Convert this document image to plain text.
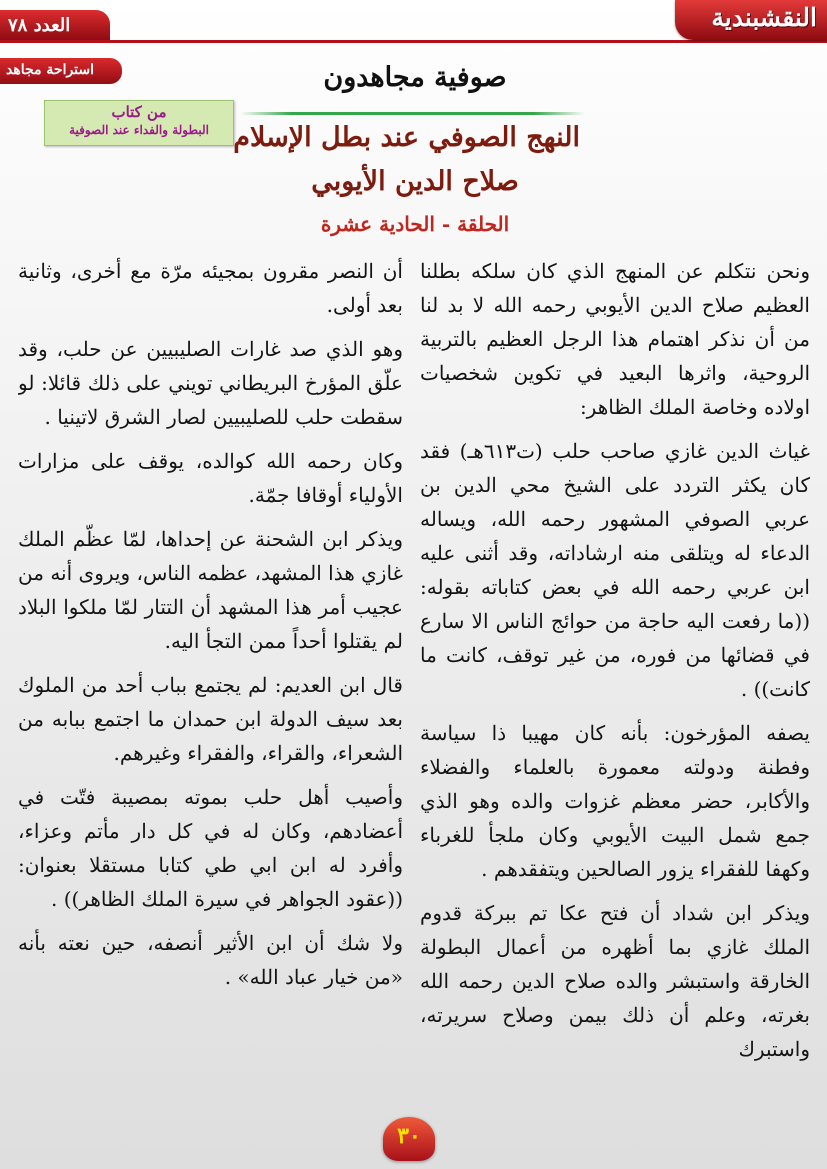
النقشبندية
العدد ٧٨
استراحة مجاهد	صوفية مجاهدون
من كتاب
البطولة والفداء عند الصوفية النهج الصوفي عند بطل الإسلام
صلاح الدين الأيوبي
الحلقة - الحادية عشرة

ونحن نتكلم عن المنهج الذي كان سلكه بطلنا العظيم صلاح الدين الأيوبي رحمه الله لا بد لنا من أن نذكر اهتمام هذا الرجل العظيم بالتربية الروحية، واثرها البعيد في تكوين شخصيات اولاده وخاصة الملك الظاهر:

غياث الدين غازي صاحب حلب (ت٦١٣هـ) فقد كان يكثر التردد على الشيخ محي الدين بن عربي الصوفي المشهور رحمه الله، ويساله الدعاء له ويتلقى منه ارشاداته، وقد أثنى عليه ابن عربي رحمه الله في بعض كتاباته بقوله: ((ما رفعت اليه حاجة من حوائج الناس الا سارع في قضائها من فوره، من غير توقف، كانت ما كانت)) .

يصفه المؤرخون: بأنه كان مهيبا ذا سياسة وفطنة ودولته معمورة بالعلماء والفضلاء والأكابر، حضر معظم غزوات والده وهو الذي جمع شمل البيت الأيوبي وكان ملجأ للغرباء وكهفا للفقراء يزور الصالحين ويتفقدهم .

ويذكر ابن شداد أن فتح عكا تم ببركة قدوم الملك غازي بما أظهره من أعمال البطولة الخارقة واستبشر والده صلاح الدين رحمه الله بغرته، وعلم أن ذلك بيمن وصلاح سريرته، واستبرك

أن النصر مقرون بمجيئه مرّة مع أخرى، وثانية بعد أولى.

وهو الذي صد غارات الصليبيين عن حلب، وقد علّق المؤرخ البريطاني تويني على ذلك قائلا: لو سقطت حلب للصليبيين لصار الشرق لاتينيا .

وكان رحمه الله كوالده، يوقف على مزارات الأولياء أوقافا جمّة.

ويذكر ابن الشحنة عن إحداها، لمّا عظّم الملك غازي هذا المشهد، عظمه الناس، ويروى أنه من عجيب أمر هذا المشهد أن التتار لمّا ملكوا البلاد لم يقتلوا أحداً ممن التجأ اليه.

قال ابن العديم: لم يجتمع بباب أحد من الملوك بعد سيف الدولة ابن حمدان ما اجتمع ببابه من الشعراء، والقراء، والفقراء وغيرهم.

وأصيب أهل حلب بموته بمصيبة فتّت في أعضادهم، وكان له في كل دار مأتم وعزاء، وأفرد له ابن ابي طي كتابا مستقلا بعنوان: ((عقود الجواهر في سيرة الملك الظاهر)) .

ولا شك أن ابن الأثير أنصفه، حين نعته بأنه «من خيار عباد الله» .

٣٠
